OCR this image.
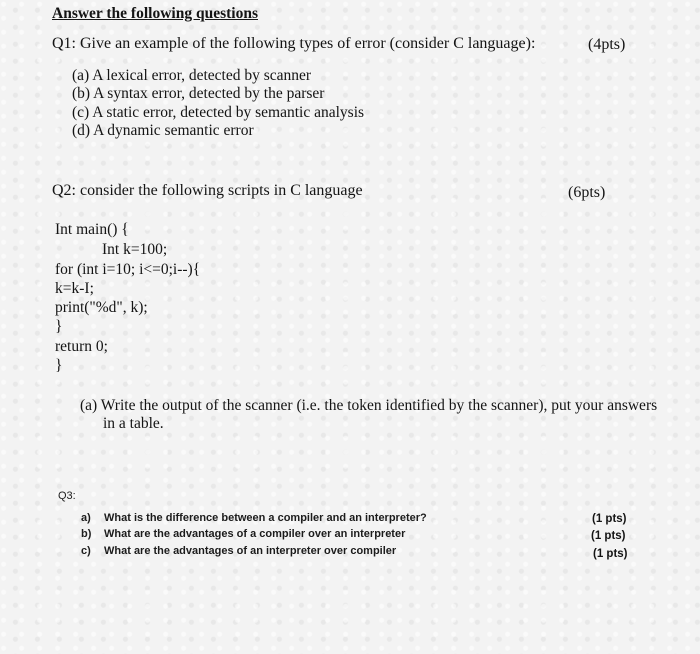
Answer the following questions
Q1: Give an example of the following types of error (consider C language):	(4pts)
(a) A lexical error, detected by scanner
(b) A syntax error, detected by the parser
(c) A static error, detected by semantic analysis
(d) A dynamic semantic error
Q2: consider the following scripts in C language	(6pts)
Int main() {
Int k=100;
for (int i=10; i<=0;i--){
k=k-I;
print("%d", k);
}
return 0;
}
(a) Write the output of the scanner (i.e. the token identified by the scanner), put your answers
in a table.
Q3:
a) What is the difference between a compiler and an interpreter?	(1 pts)
b) What are the advantages of a compiler over an interpreter	(1 pts)
c) What are the advantages of an interpreter over compiler	(1 pts)
